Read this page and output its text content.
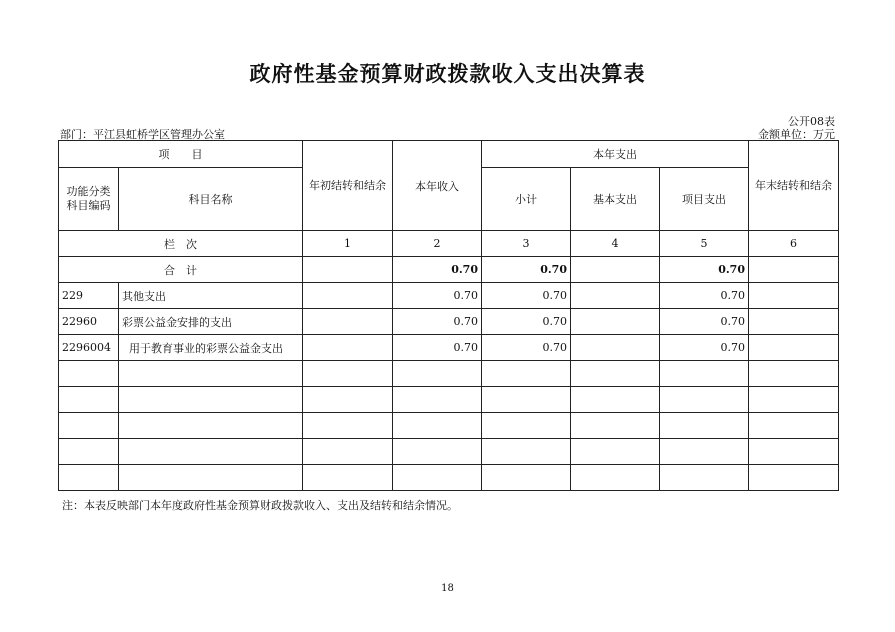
政府性基金预算财政拨款收入支出决算表
公开08表
部门：平江县虹桥学区管理办公室	金额单位：万元
项　　目		年初结转和结余	本年收入	本年支出			年末结转和结余
功能分类科目编码	科目名称			小计	基本支出	项目支出	
栏　次		1	2	3	4	5	6
合　计			0.70	0.70		0.70	
229	其他支出		0.70	0.70		0.70	
22960	彩票公益金安排的支出		0.70	0.70		0.70	
2296004	用于教育事业的彩票公益金支出		0.70	0.70		0.70	

注：本表反映部门本年度政府性基金预算财政拨款收入、支出及结转和结余情况。
18
